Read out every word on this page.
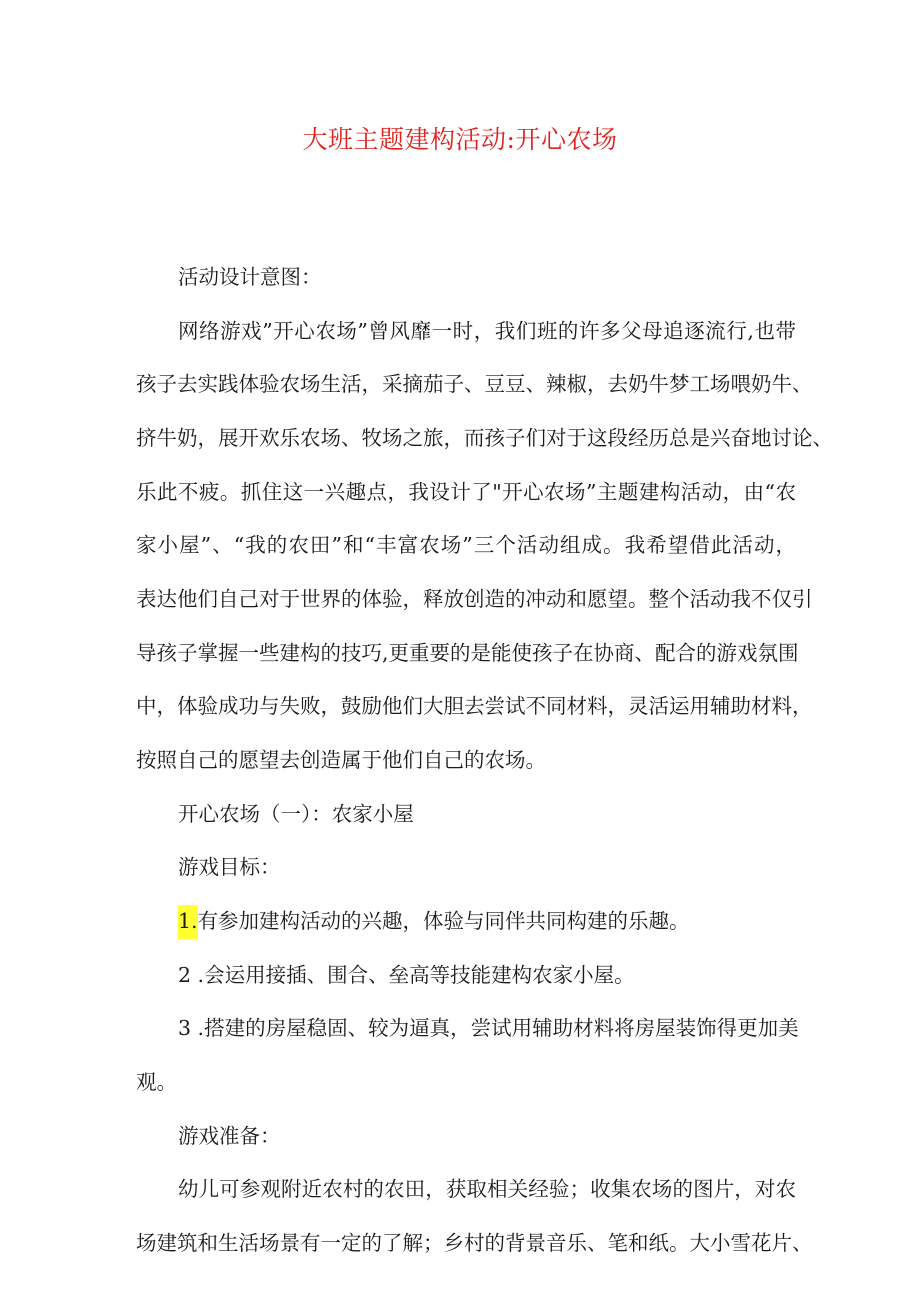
大班主题建构活动:开心农场
活动设计意图：
网络游戏”开心农场”曾风靡一时，我们班的许多父母追逐流行,也带
孩子去实践体验农场生活，采摘茄子、豆豆、辣椒，去奶牛梦工场喂奶牛、
挤牛奶，展开欢乐农场、牧场之旅，而孩子们对于这段经历总是兴奋地讨论、
乐此不疲。抓住这一兴趣点，我设计了"开心农场”主题建构活动，由“农
家小屋”、“我的农田”和“丰富农场”三个活动组成。我希望借此活动，
表达他们自己对于世界的体验，释放创造的冲动和愿望。整个活动我不仅引
导孩子掌握一些建构的技巧,更重要的是能使孩子在协商、配合的游戏氛围
中，体验成功与失败，鼓励他们大胆去尝试不同材料，灵活运用辅助材料，
按照自己的愿望去创造属于他们自己的农场。
开心农场（一）：农家小屋
游戏目标：
1.有参加建构活动的兴趣，体验与同伴共同构建的乐趣。
2 .会运用接插、围合、垒高等技能建构农家小屋。
3 .搭建的房屋稳固、较为逼真，尝试用辅助材料将房屋装饰得更加美
观。
游戏准备：
幼儿可参观附近农村的农田，获取相关经验；收集农场的图片，对农
场建筑和生活场景有一定的了解；乡村的背景音乐、笔和纸。大小雪花片、
